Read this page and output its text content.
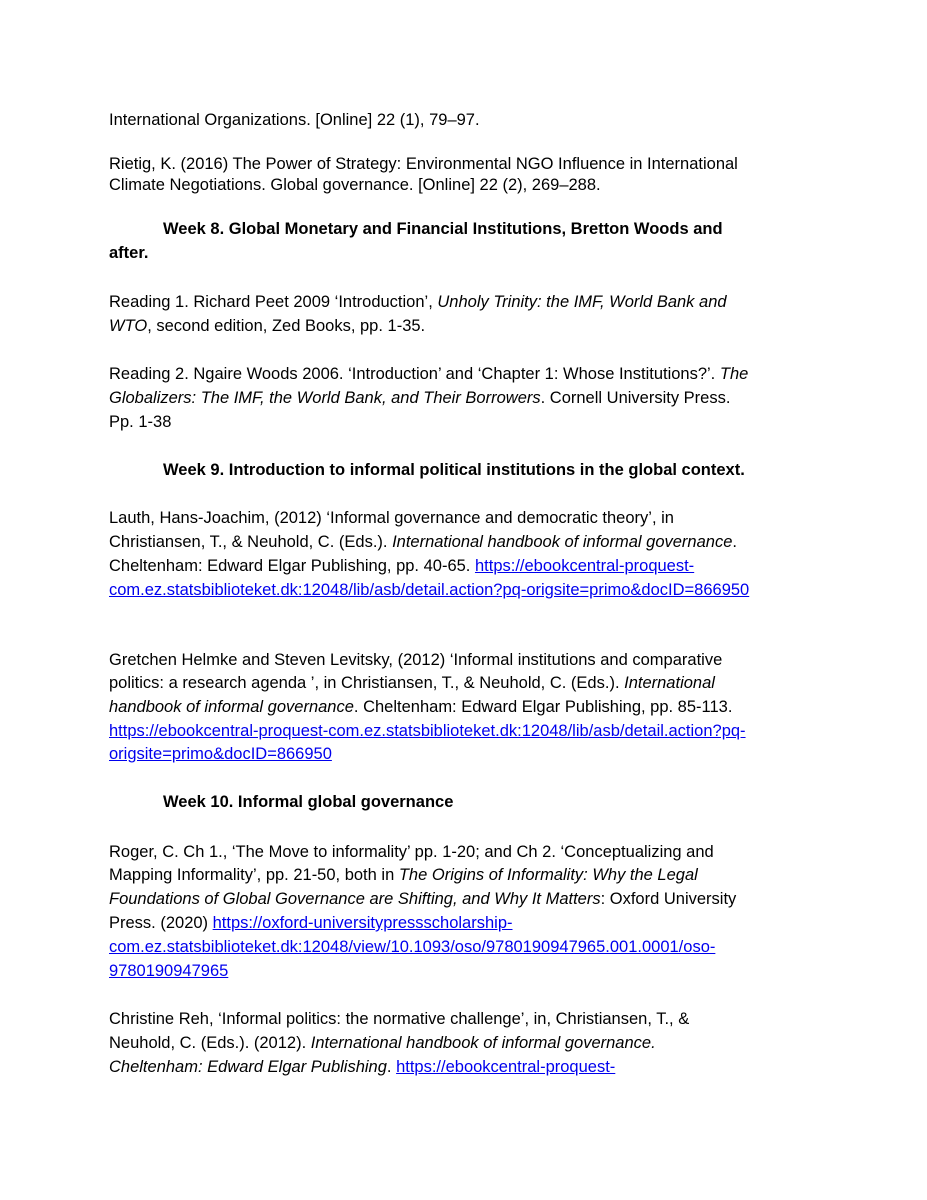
International Organizations. [Online] 22 (1), 79–97.
Rietig, K. (2016) The Power of Strategy: Environmental NGO Influence in International
Climate Negotiations. Global governance. [Online] 22 (2), 269–288.
Week 8. Global Monetary and Financial Institutions, Bretton Woods and
after.
Reading 1. Richard Peet 2009 ‘Introduction’, Unholy Trinity: the IMF, World Bank and
WTO, second edition, Zed Books, pp. 1-35.
Reading 2. Ngaire Woods 2006. ‘Introduction’ and ‘Chapter 1: Whose Institutions?’. The
Globalizers: The IMF, the World Bank, and Their Borrowers. Cornell University Press.
Pp. 1-38
Week 9. Introduction to informal political institutions in the global context.
Lauth, Hans-Joachim, (2012) ‘Informal governance and democratic theory’, in
Christiansen, T., & Neuhold, C. (Eds.). International handbook of informal governance.
Cheltenham: Edward Elgar Publishing, pp. 40-65. https://ebookcentral-proquest-
com.ez.statsbiblioteket.dk:12048/lib/asb/detail.action?pq-origsite=primo&docID=866950
Gretchen Helmke and Steven Levitsky, (2012) ‘Informal institutions and comparative
politics: a research agenda ’, in Christiansen, T., & Neuhold, C. (Eds.). International
handbook of informal governance. Cheltenham: Edward Elgar Publishing, pp. 85-113.
https://ebookcentral-proquest-com.ez.statsbiblioteket.dk:12048/lib/asb/detail.action?pq-
origsite=primo&docID=866950
Week 10. Informal global governance
Roger, C. Ch 1., ‘The Move to informality’ pp. 1-20; and Ch 2. ‘Conceptualizing and
Mapping Informality’, pp. 21-50, both in The Origins of Informality: Why the Legal
Foundations of Global Governance are Shifting, and Why It Matters: Oxford University
Press. (2020) https://oxford-universitypressscholarship-
com.ez.statsbiblioteket.dk:12048/view/10.1093/oso/9780190947965.001.0001/oso-
9780190947965
Christine Reh, ‘Informal politics: the normative challenge’, in, Christiansen, T., &
Neuhold, C. (Eds.). (2012). International handbook of informal governance.
Cheltenham: Edward Elgar Publishing. https://ebookcentral-proquest-
